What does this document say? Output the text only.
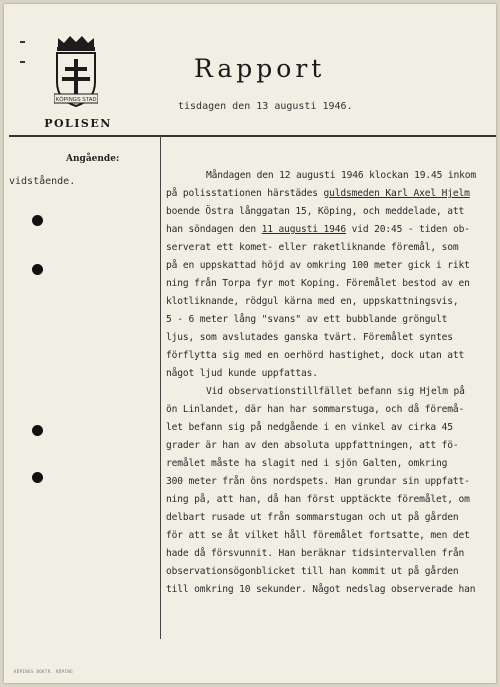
KÖPINGS STAD
POLISEN
Rapport
tisdagen den 13 augusti 1946.
Angående:
vidstående.
Måndagen den 12 augusti 1946 klockan 19.45 inkom
på polisstationen härstädes guldsmeden Karl Axel Hjelm
boende Östra långgatan 15, Köping, och meddelade, att
han söndagen den 11 augusti 1946 vid 20:45 - tiden ob-
serverat ett komet- eller raketliknande föremål, som
på en uppskattad höjd av omkring 100 meter gick i rikt
ning från Torpa fyr mot Koping. Föremålet bestod av en
klotliknande, rödgul kärna med en, uppskattningsvis,
5 - 6 meter lång "svans" av ett bubblande gröngult
ljus, som avslutades ganska tvärt. Föremålet syntes
förflytta sig med en oerhörd hastighet, dock utan att
något ljud kunde uppfattas.
Vid observationstillfället befann sig Hjelm på
ön Linlandet, där han har sommarstuga, och då föremå-
let befann sig på nedgående i en vinkel av cirka 45
grader är han av den absoluta uppfattningen, att fö-
remålet måste ha slagit ned i sjön Galten, omkring
300 meter från öns nordspets. Han grundar sin uppfatt-
ning på, att han, då han först upptäckte föremålet, om
delbart rusade ut från sommarstugan och ut på gården
för att se åt vilket håll föremålet fortsatte, men det
hade då försvunnit. Han beräknar tidsintervallen från
observationsögonblicket till han kommit ut på gården
till omkring 10 sekunder. Något nedslag observerade han
KÖPINGS BOKTR. KÖPING
